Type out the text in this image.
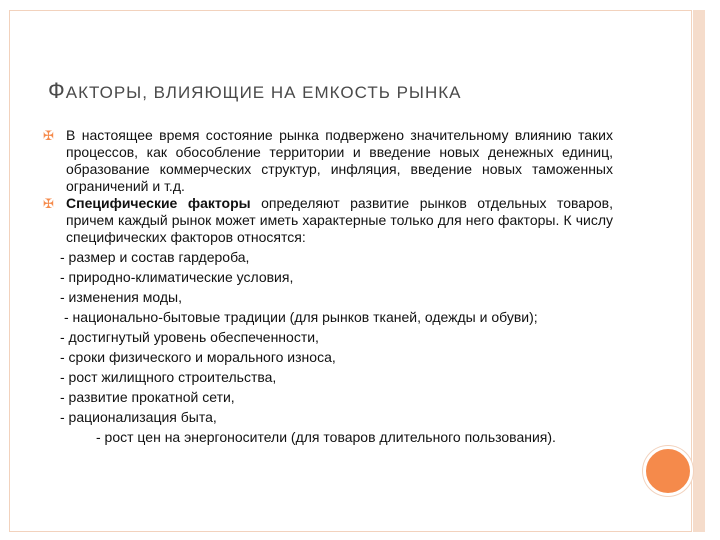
ФАКТОРЫ, ВЛИЯЮЩИЕ НА ЕМКОСТЬ РЫНКА
✠ В настоящее время состояние рынка подвержено значительному влиянию таких процессов, как обособление территории и введение новых денежных единиц, образование коммерческих структур, инфляция, введение новых таможенных ограничений и т.д.
✠ Специфические факторы определяют развитие рынков отдельных товаров, причем каждый рынок может иметь характерные только для него факторы. К числу специфических факторов относятся:
- размер и состав гардероба,
- природно-климатические условия,
- изменения моды,
- национально-бытовые традиции (для рынков тканей, одежды и обуви);
- достигнутый уровень обеспеченности,
- сроки физического и морального износа,
- рост жилищного строительства,
- развитие прокатной сети,
- рационализация быта,
- рост цен на энергоносители (для товаров длительного пользования).
